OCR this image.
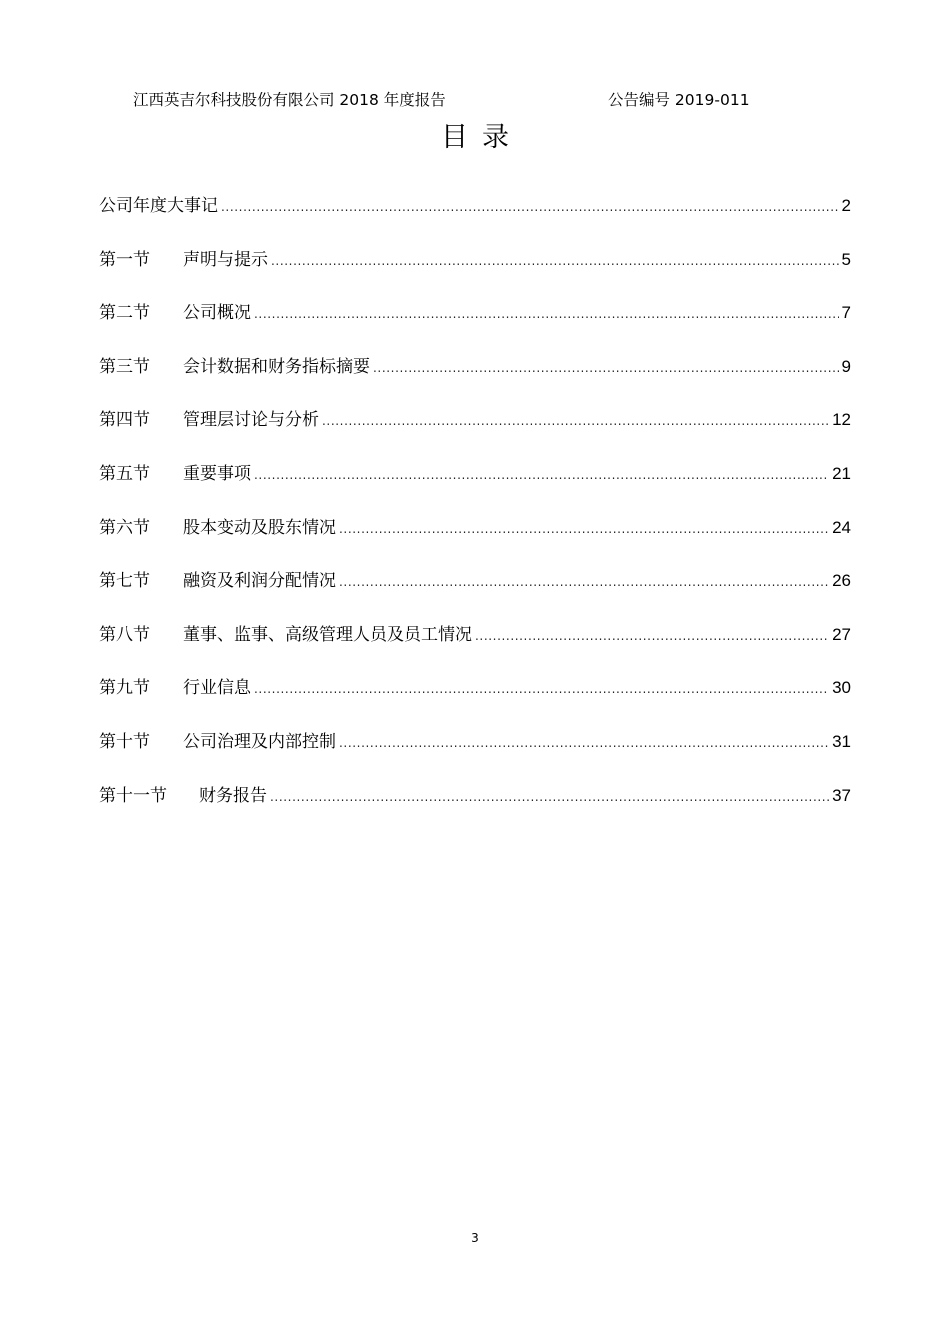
江西英吉尔科技股份有限公司 2018 年度报告	公告编号 2019-011
目录
公司年度大事记 .....	2
第一节	声明与提示 .....	5
第二节	公司概况 .....	7
第三节	会计数据和财务指标摘要 .....	9
第四节	管理层讨论与分析 .....	12
第五节	重要事项 .....	21
第六节	股本变动及股东情况 .....	24
第七节	融资及利润分配情况 .....	26
第八节	董事、监事、高级管理人员及员工情况 .....	27
第九节	行业信息 .....	30
第十节	公司治理及内部控制 .....	31
第十一节	财务报告 .....	37
3
